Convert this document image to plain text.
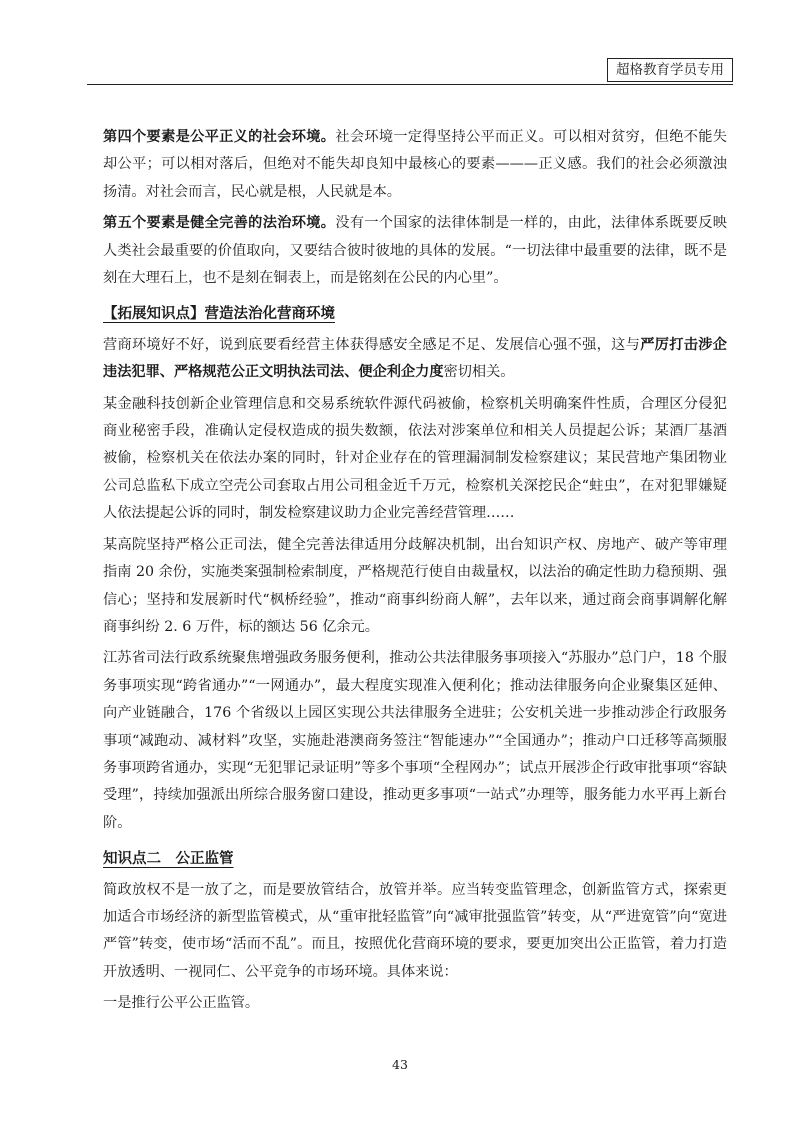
超格教育学员专用

第四个要素是公平正义的社会环境。社会环境一定得坚持公平而正义。可以相对贫穷，但绝不能失却公平；可以相对落后，但绝对不能失却良知中最核心的要素———正义感。我们的社会必须激浊扬清。对社会而言，民心就是根，人民就是本。

第五个要素是健全完善的法治环境。没有一个国家的法律体制是一样的，由此，法律体系既要反映人类社会最重要的价值取向，又要结合彼时彼地的具体的发展。“一切法律中最重要的法律，既不是刻在大理石上，也不是刻在铜表上，而是铭刻在公民的内心里”。

【拓展知识点】营造法治化营商环境

营商环境好不好，说到底要看经营主体获得感安全感足不足、发展信心强不强，这与严厉打击涉企违法犯罪、严格规范公正文明执法司法、便企利企力度密切相关。

某金融科技创新企业管理信息和交易系统软件源代码被偷，检察机关明确案件性质，合理区分侵犯商业秘密手段，准确认定侵权造成的损失数额，依法对涉案单位和相关人员提起公诉；某酒厂基酒被偷，检察机关在依法办案的同时，针对企业存在的管理漏洞制发检察建议；某民营地产集团物业公司总监私下成立空壳公司套取占用公司租金近千万元，检察机关深挖民企“蛀虫”，在对犯罪嫌疑人依法提起公诉的同时，制发检察建议助力企业完善经营管理……

某高院坚持严格公正司法，健全完善法律适用分歧解决机制，出台知识产权、房地产、破产等审理指南 20 余份，实施类案强制检索制度，严格规范行使自由裁量权，以法治的确定性助力稳预期、强信心；坚持和发展新时代“枫桥经验”，推动“商事纠纷商人解”，去年以来，通过商会商事调解化解商事纠纷 2. 6 万件，标的额达 56 亿余元。

江苏省司法行政系统聚焦增强政务服务便利，推动公共法律服务事项接入“苏服办”总门户，18 个服务事项实现“跨省通办”“一网通办”，最大程度实现准入便利化；推动法律服务向企业聚集区延伸、向产业链融合，176 个省级以上园区实现公共法律服务全进驻；公安机关进一步推动涉企行政服务事项“减跑动、减材料”攻坚，实施赴港澳商务签注“智能速办”“全国通办”；推动户口迁移等高频服务事项跨省通办，实现“无犯罪记录证明”等多个事项“全程网办”；试点开展涉企行政审批事项“容缺受理”，持续加强派出所综合服务窗口建设，推动更多事项“一站式”办理等，服务能力水平再上新台阶。

知识点二　公正监管

简政放权不是一放了之，而是要放管结合，放管并举。应当转变监管理念，创新监管方式，探索更加适合市场经济的新型监管模式，从“重审批轻监管”向“减审批强监管”转变，从“严进宽管”向“宽进严管”转变，使市场“活而不乱”。而且，按照优化营商环境的要求，要更加突出公正监管，着力打造开放透明、一视同仁、公平竞争的市场环境。具体来说：

一是推行公平公正监管。

43
